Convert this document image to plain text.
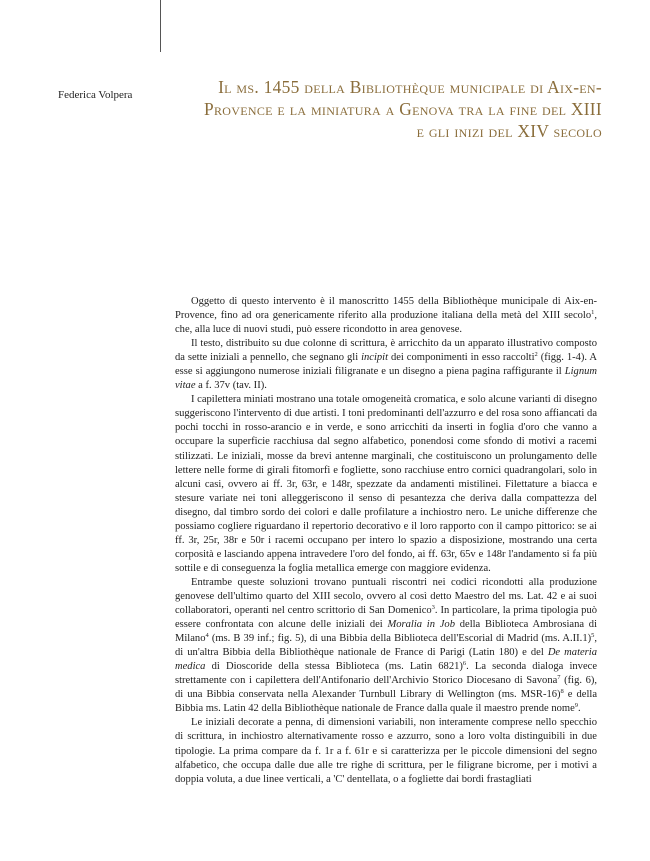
Federica Volpera	Il ms. 1455 della Bibliothèque municipale di Aix-en-Provence e la miniatura a Genova tra la fine del XIII e gli inizi del XIV secolo

Oggetto di questo intervento è il manoscritto 1455 della Bibliothèque municipale di Aix-en-Provence, fino ad ora genericamente riferito alla produzione italiana della metà del XIII secolo$^1$, che, alla luce di nuovi studi, può essere ricondotto in area genovese.

Il testo, distribuito su due colonne di scrittura, è arricchito da un apparato illustrativo composto da sette iniziali a pennello, che segnano gli incipit dei componimenti in esso raccolti$^2$ (figg. 1-4). A esse si aggiungono numerose iniziali filigranate e un disegno a piena pagina raffigurante il Lignum vitae a f. 37v (tav. II).

I capilettera miniati mostrano una totale omogeneità cromatica, e solo alcune varianti di disegno suggeriscono l'intervento di due artisti. I toni predominanti dell'azzurro e del rosa sono affiancati da pochi tocchi in rosso-arancio e in verde, e sono arricchiti da inserti in foglia d'oro che vanno a occupare la superficie racchiusa dal segno alfabetico, ponendosi come sfondo di motivi a racemi stilizzati. Le iniziali, mosse da brevi antenne marginali, che costituiscono un prolungamento delle lettere nelle forme di girali fitomorfi e fogliette, sono racchiuse entro cornici quadrangolari, solo in alcuni casi, ovvero ai ff. 3r, 63r, e 148r, spezzate da andamenti mistilinei. Filettature a biacca e stesure variate nei toni alleggeriscono il senso di pesantezza che deriva dalla compattezza del disegno, dal timbro sordo dei colori e dalle profilature a inchiostro nero. Le uniche differenze che possiamo cogliere riguardano il repertorio decorativo e il loro rapporto con il campo pittorico: se ai ff. 3r, 25r, 38r e 50r i racemi occupano per intero lo spazio a disposizione, mostrando una certa corposità e lasciando appena intravedere l'oro del fondo, ai ff. 63r, 65v e 148r l'andamento si fa più sottile e di conseguenza la foglia metallica emerge con maggiore evidenza.

Entrambe queste soluzioni trovano puntuali riscontri nei codici ricondotti alla produzione genovese dell'ultimo quarto del XIII secolo, ovvero al così detto Maestro del ms. Lat. 42 e ai suoi collaboratori, operanti nel centro scrittorio di San Domenico$^3$. In particolare, la prima tipologia può essere confrontata con alcune delle iniziali dei Moralia in Job della Biblioteca Ambrosiana di Milano$^4$ (ms. B 39 inf.; fig. 5), di una Bibbia della Biblioteca dell'Escorial di Madrid (ms. A.II.1)$^5$, di un'altra Bibbia della Bibliothèque nationale de France di Parigi (Latin 180) e del De materia medica di Dioscoride della stessa Biblioteca (ms. Latin 6821)$^6$. La seconda dialoga invece strettamente con i capilettera dell'Antifonario dell'Archivio Storico Diocesano di Savona$^7$ (fig. 6), di una Bibbia conservata nella Alexander Turnbull Library di Wellington (ms. MSR-16)$^8$ e della Bibbia ms. Latin 42 della Bibliothèque nationale de France dalla quale il maestro prende nome$^9$.

Le iniziali decorate a penna, di dimensioni variabili, non interamente comprese nello specchio di scrittura, in inchiostro alternativamente rosso e azzurro, sono a loro volta distinguibili in due tipologie. La prima compare da f. 1r a f. 61r e si caratterizza per le piccole dimensioni del segno alfabetico, che occupa dalle due alle tre righe di scrittura, per le filigrane bicrome, per i motivi a doppia voluta, a due linee verticali, a 'C' dentellata, o a fogliette dai bordi frastagliati
